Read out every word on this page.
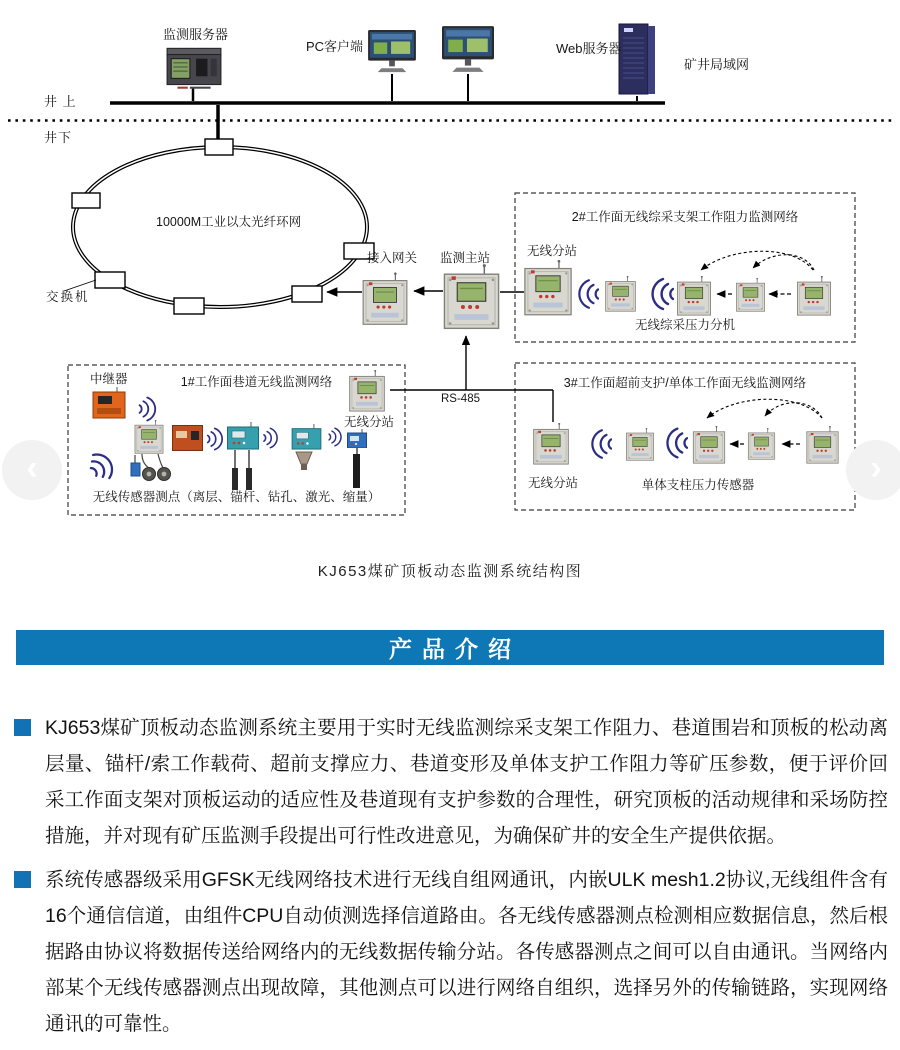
监测服务器
PC客户端	Web服务器
矿井局域网
井 上
井下
10000M工业以太光纤环网
交换机
接入网关 监测主站	无线分站
2#工作面无线综采支架工作阻力监测网络
无线综采压力分机
1#工作面巷道无线监测网络
中继器
无线分站
无线传感器测点（离层、锚杆、钻孔、激光、缩量）
RS-485
3#工作面超前支护/单体工作面无线监测网络
无线分站	单体支柱压力传感器
KJ653煤矿顶板动态监测系统结构图
‹	›
产品介绍

KJ653煤矿顶板动态监测系统主要用于实时无线监测综采支架工作阻力、巷道围岩和顶板的松动离层量、锚杆/索工作载荷、超前支撑应力、巷道变形及单体支护工作阻力等矿压参数，便于评价回采工作面支架对顶板运动的适应性及巷道现有支护参数的合理性，研究顶板的活动规律和采场防控措施，并对现有矿压监测手段提出可行性改进意见，为确保矿井的安全生产提供依据。

系统传感器级采用GFSK无线网络技术进行无线自组网通讯，内嵌ULK mesh1.2协议,无线组件含有16个通信信道，由组件CPU自动侦测选择信道路由。各无线传感器测点检测相应数据信息，然后根据路由协议将数据传送给网络内的无线数据传输分站。各传感器测点之间可以自由通讯。当网络内部某个无线传感器测点出现故障，其他测点可以进行网络自组织，选择另外的传输链路，实现网络通讯的可靠性。
